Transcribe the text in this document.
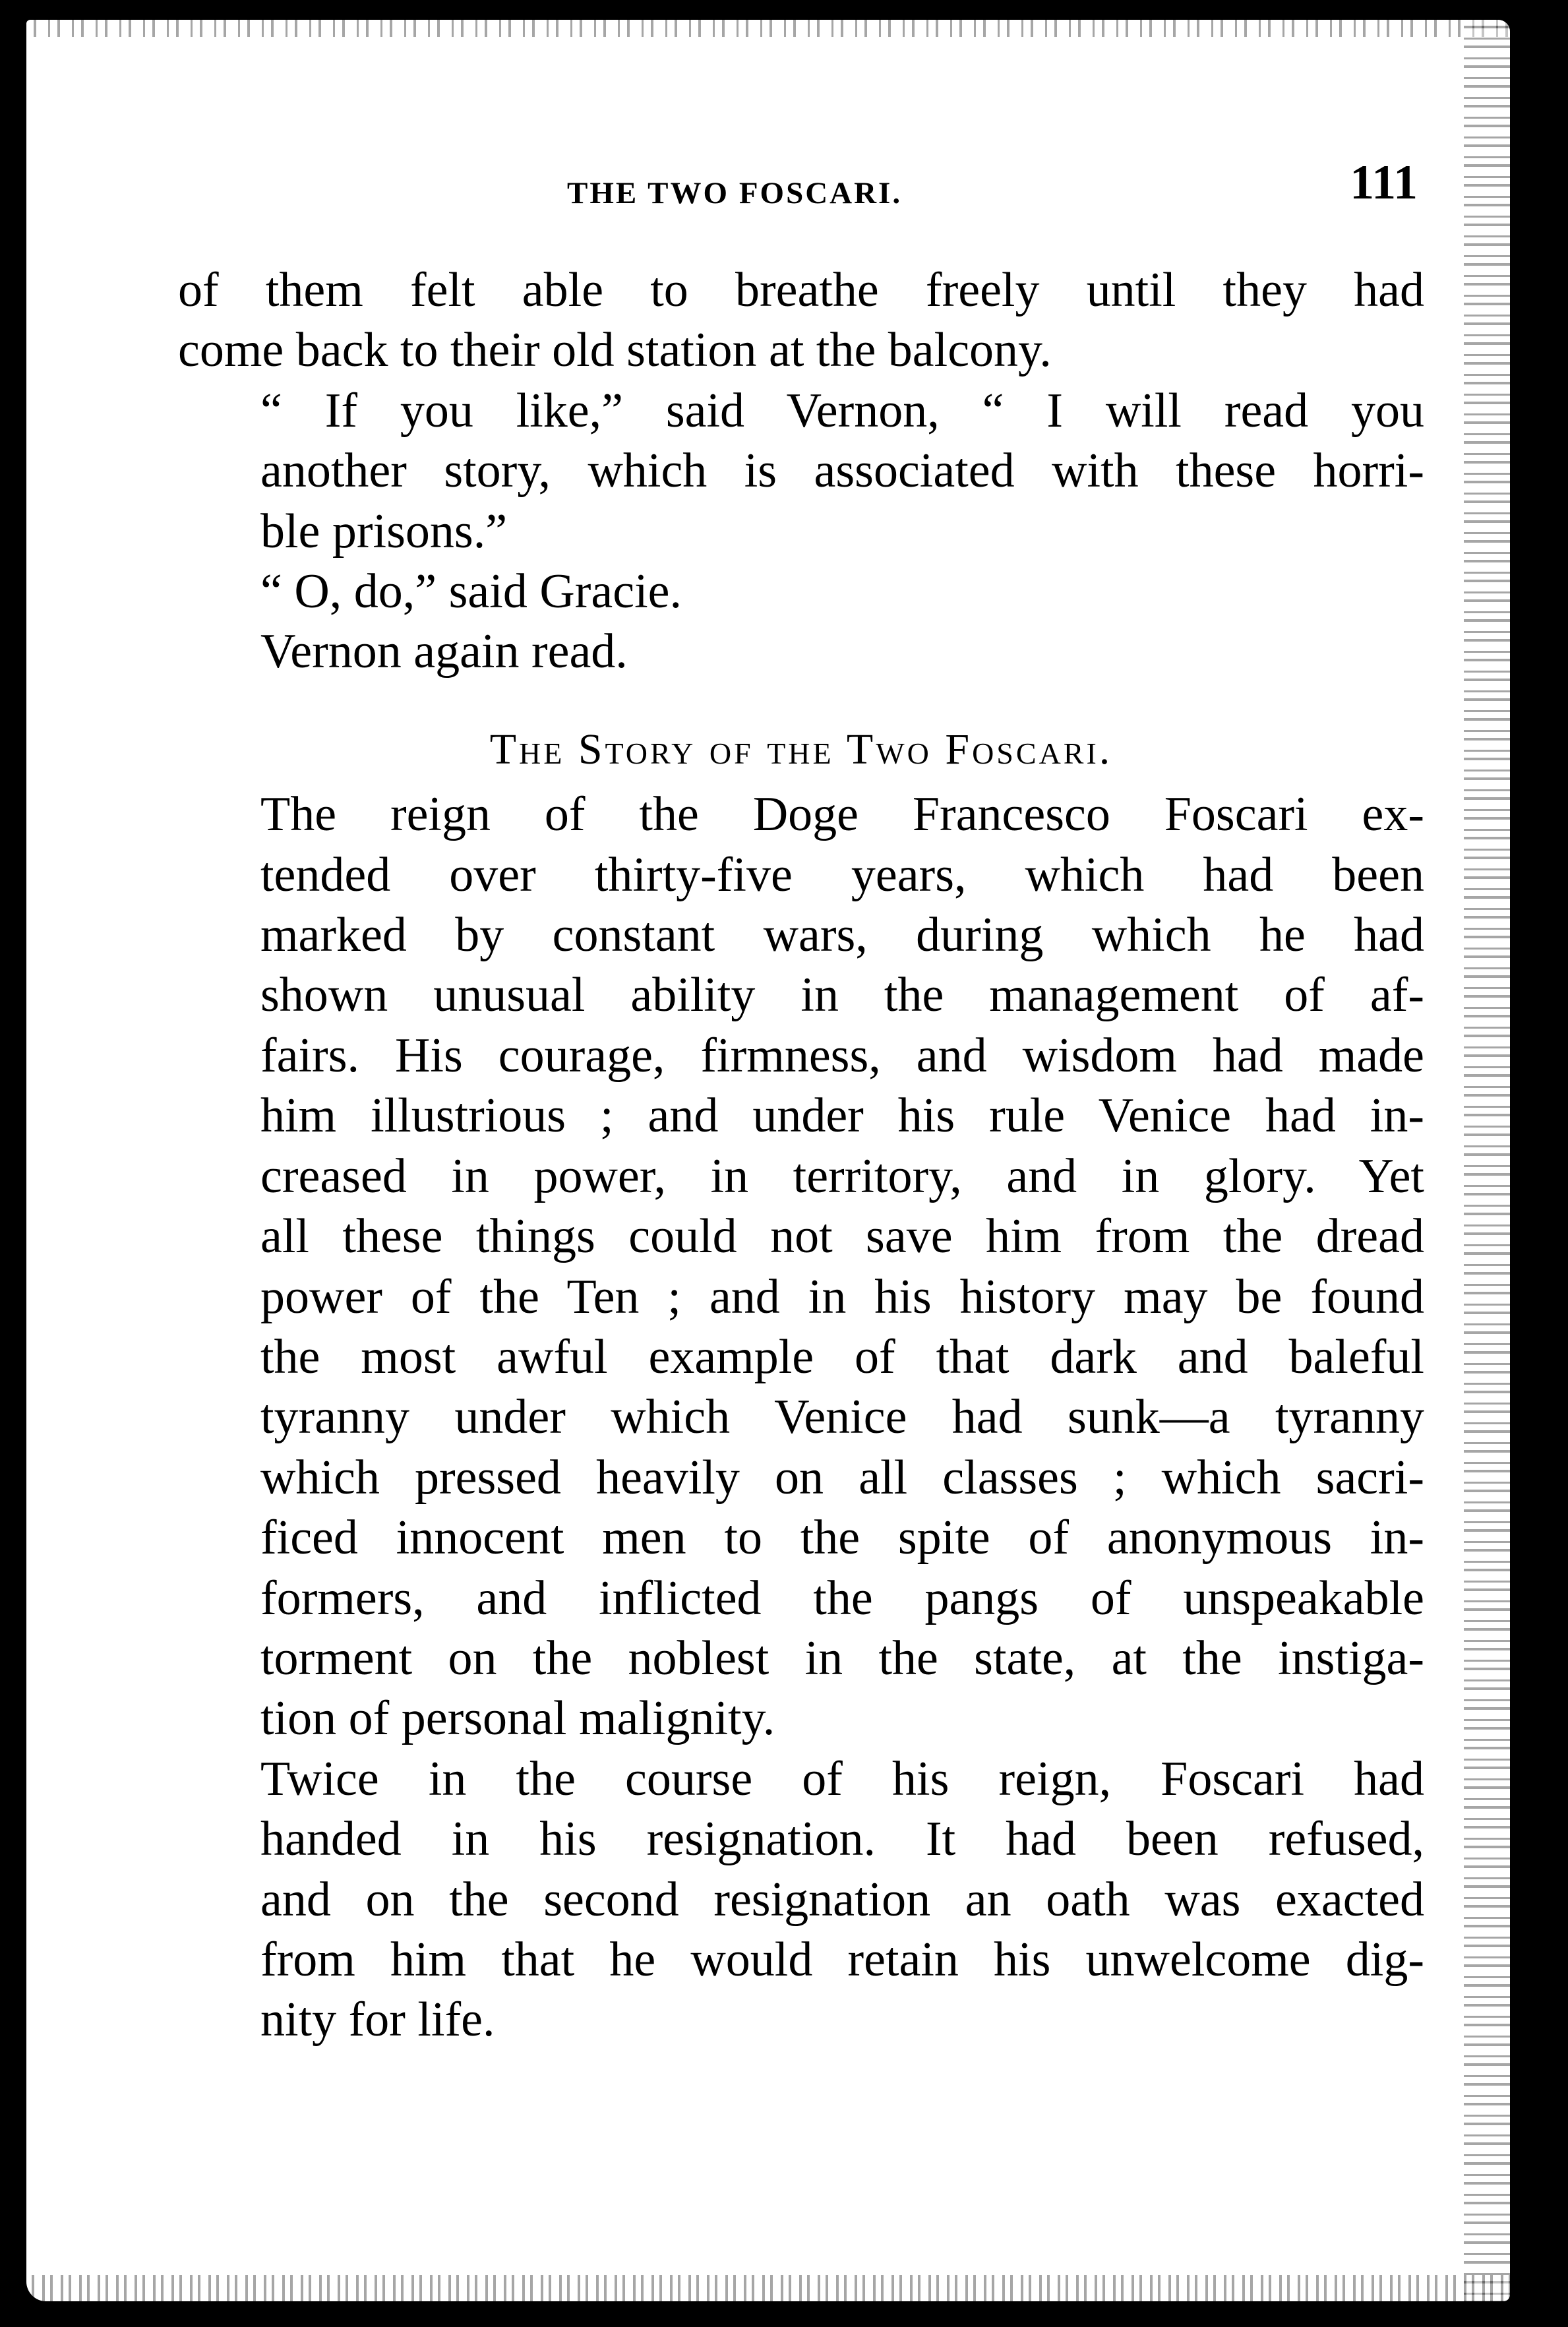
THE TWO FOSCARI.	111
of them felt able to breathe freely until they had
come back to their old station at the balcony.
“ If you like,” said Vernon, “ I will read you
another story, which is associated with these horri-
ble prisons.”
“ O, do,” said Gracie.
Vernon again read.
The Story of the Two Foscari.
The reign of the Doge Francesco Foscari ex-
tended over thirty-five years, which had been
marked by constant wars, during which he had
shown unusual ability in the management of af-
fairs. His courage, firmness, and wisdom had made
him illustrious ; and under his rule Venice had in-
creased in power, in territory, and in glory. Yet
all these things could not save him from the dread
power of the Ten ; and in his history may be found
the most awful example of that dark and baleful
tyranny under which Venice had sunk—a tyranny
which pressed heavily on all classes ; which sacri-
ficed innocent men to the spite of anonymous in-
formers, and inflicted the pangs of unspeakable
torment on the noblest in the state, at the instiga-
tion of personal malignity.
Twice in the course of his reign, Foscari had
handed in his resignation. It had been refused,
and on the second resignation an oath was exacted
from him that he would retain his unwelcome dig-
nity for life.
